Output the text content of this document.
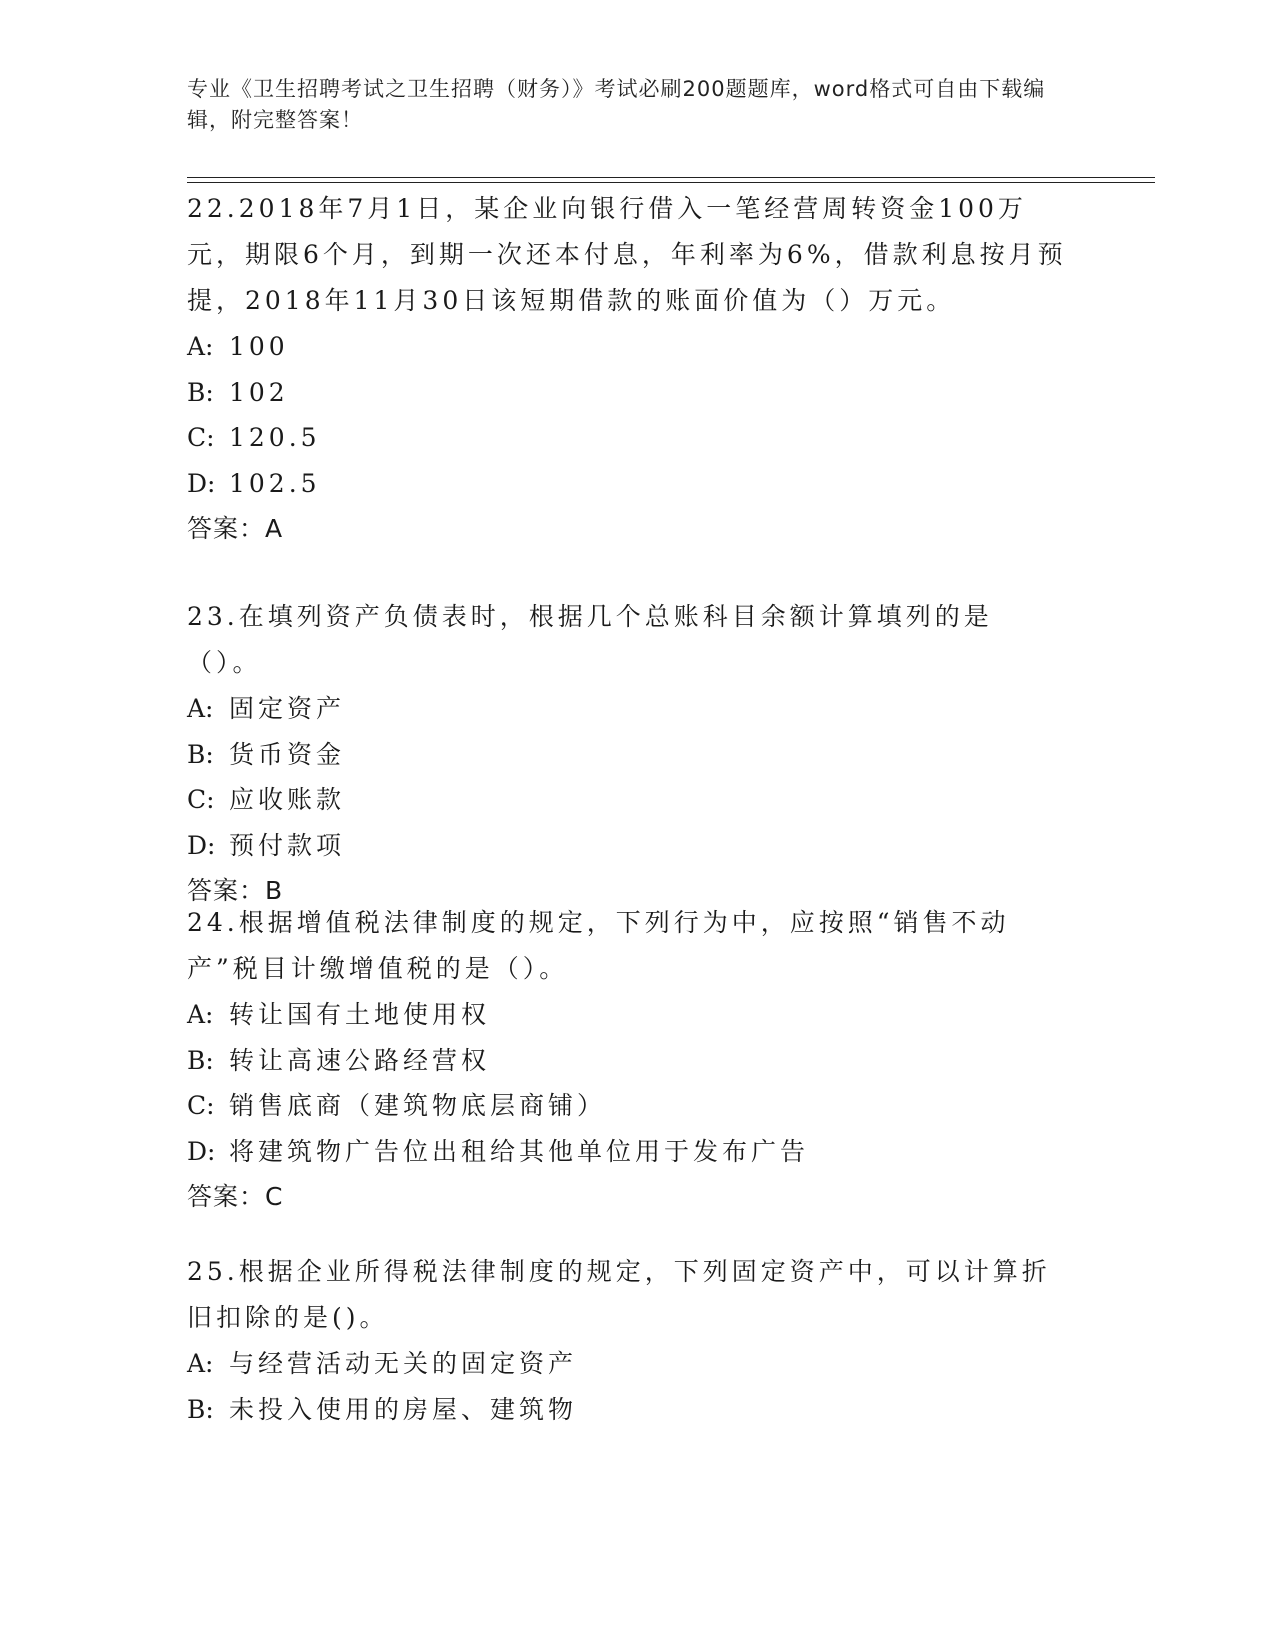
专业《卫生招聘考试之卫生招聘（财务）》考试必刷200题题库，word格式可自由下载编辑，附完整答案！
22.2018年7月1日，某企业向银行借入一笔经营周转资金100万元，期限6个月，到期一次还本付息，年利率为6%，借款利息按月预提，2018年11月30日该短期借款的账面价值为（）万元。
A: 100
B: 102
C: 120.5
D: 102.5
答案：A
23.在填列资产负债表时，根据几个总账科目余额计算填列的是（）。
A: 固定资产
B: 货币资金
C: 应收账款
D: 预付款项
答案：B
24.根据增值税法律制度的规定，下列行为中，应按照“销售不动产”税目计缴增值税的是（）。
A: 转让国有土地使用权
B: 转让高速公路经营权
C: 销售底商（建筑物底层商铺）
D: 将建筑物广告位出租给其他单位用于发布广告
答案：C
25.根据企业所得税法律制度的规定，下列固定资产中，可以计算折旧扣除的是()。
A: 与经营活动无关的固定资产
B: 未投入使用的房屋、建筑物
